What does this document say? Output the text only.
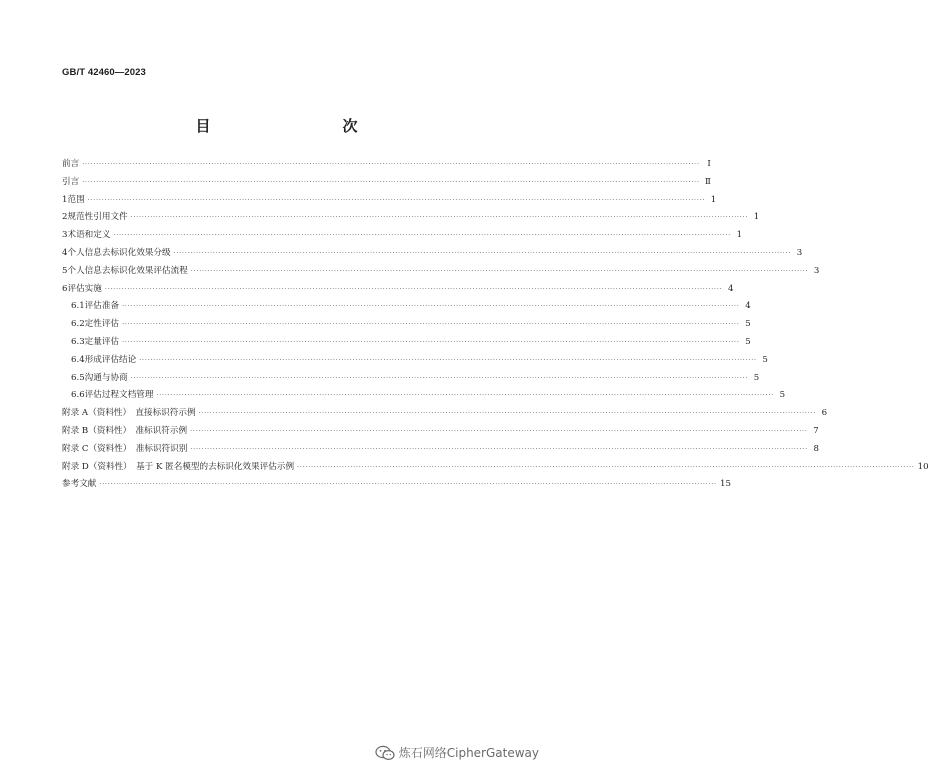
GB/T 42460—2023
目　　次
前言 ···························································································································································································································· Ⅰ
引言 ···························································································································································································································· Ⅱ
1 范围 ···························································································································································································································· 1
2 规范性引用文件 ···························································································································································································································· 1
3 术语和定义 ···························································································································································································································· 1
4 个人信息去标识化效果分级 ···························································································································································································································· 3
5 个人信息去标识化效果评估流程 ···························································································································································································································· 3
6 评估实施 ···························································································································································································································· 4
6.1 评估准备 ···························································································································································································································· 4
6.2 定性评估 ···························································································································································································································· 5
6.3 定量评估 ···························································································································································································································· 5
6.4 形成评估结论 ···························································································································································································································· 5
6.5 沟通与协商 ···························································································································································································································· 5
6.6 评估过程文档管理 ···························································································································································································································· 5
附录 A（资料性）　直接标识符示例 ···························································································································································································································· 6
附录 B（资料性）　准标识符示例 ···························································································································································································································· 7
附录 C（资料性）　准标识符识别 ···························································································································································································································· 8
附录 D（资料性）　基于 K 匿名模型的去标识化效果评估示例 ···························································································································································································································· 10
参考文献 ···························································································································································································································· 15
炼石网络CipherGateway
